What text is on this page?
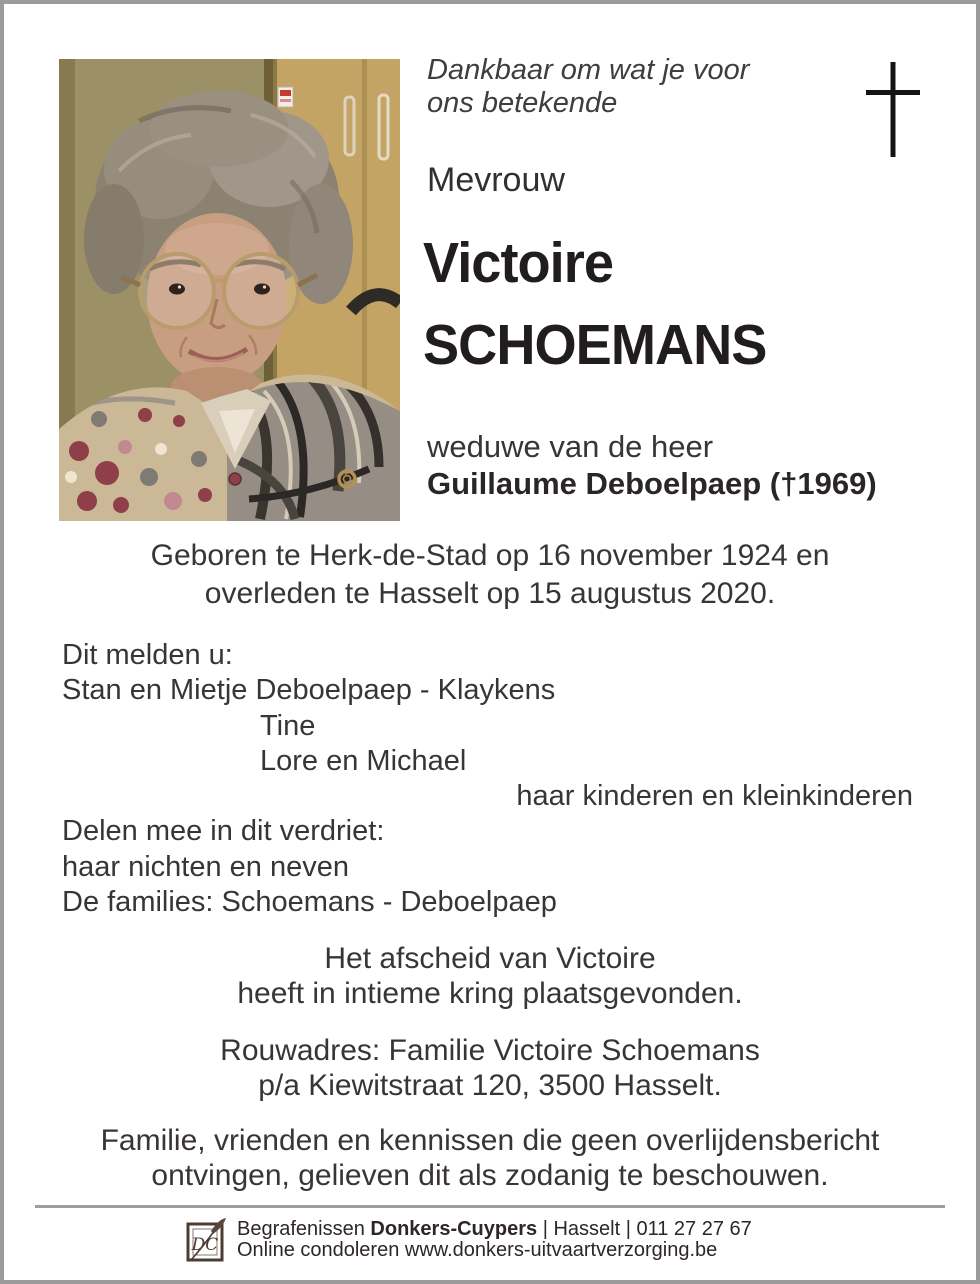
Dankbaar om wat je voor
ons betekende
Mevrouw
Victoire
SCHOEMANS
weduwe van de heer
Guillaume Deboelpaep (†1969)
Geboren te Herk-de-Stad op 16 november 1924 en
overleden te Hasselt op 15 augustus 2020.
Dit melden u:
Stan en Mietje Deboelpaep - Klaykens
Tine
Lore en Michael
haar kinderen en kleinkinderen
Delen mee in dit verdriet:
haar nichten en neven
De families: Schoemans - Deboelpaep
Het afscheid van Victoire
heeft in intieme kring plaatsgevonden.
Rouwadres: Familie Victoire Schoemans
p/a Kiewitstraat 120, 3500 Hasselt.
Familie, vrienden en kennissen die geen overlijdensbericht
ontvingen, gelieven dit als zodanig te beschouwen.
DC
Begrafenissen Donkers-Cuypers | Hasselt | 011 27 27 67
Online condoleren www.donkers-uitvaartverzorging.be
